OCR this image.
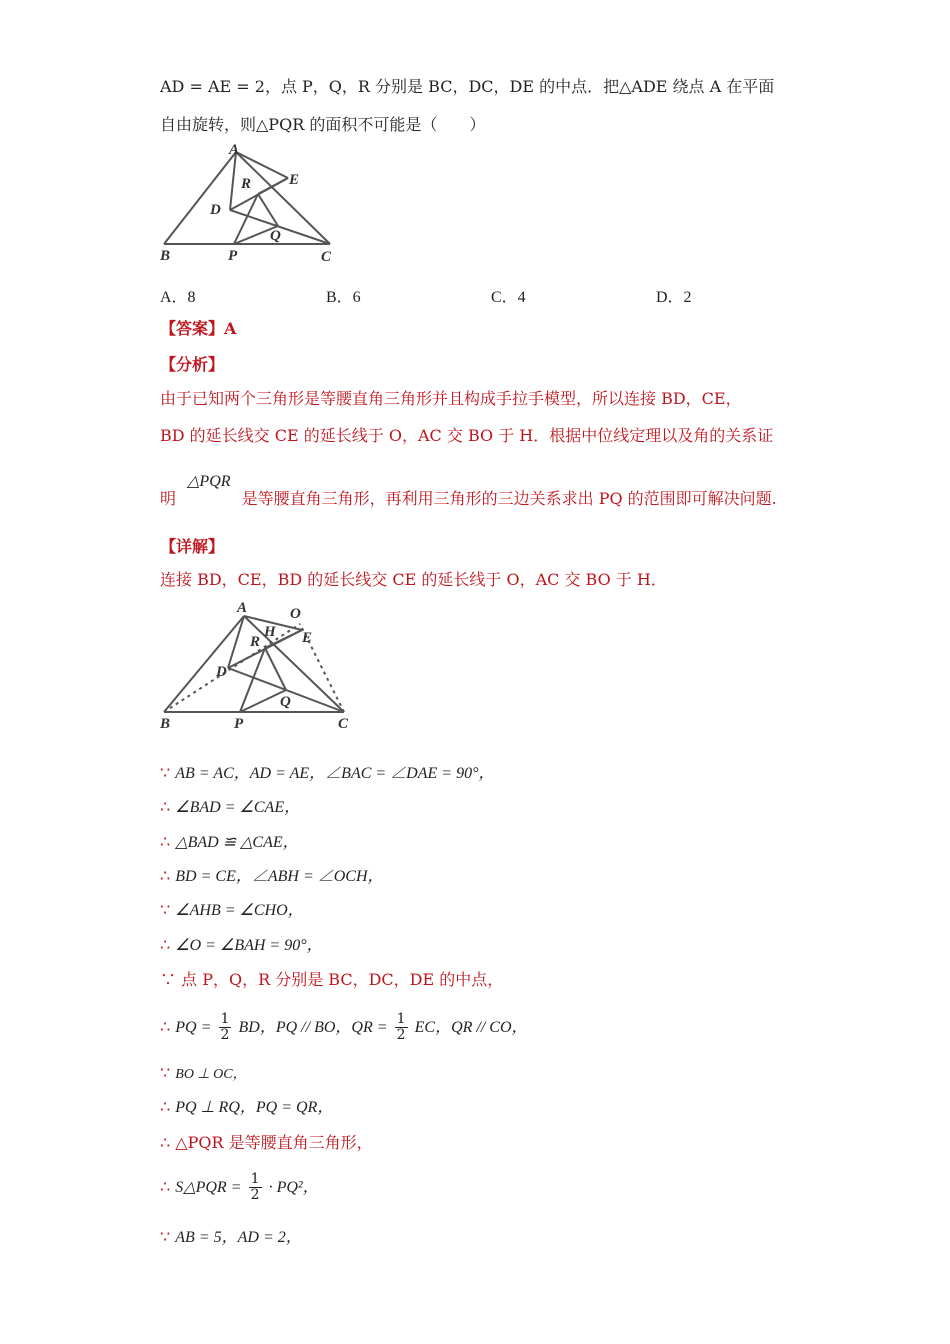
AD = AE = 2，点 P，Q，R 分别是 BC，DC，DE 的中点．把△ADE 绕点 A 在平面
自由旋转，则△PQR 的面积不可能是（　　）
A
E
R
D
Q
B	P	C
A．8	B．6	C．4	D．2
【答案】A
【分析】
由于已知两个三角形是等腰直角三角形并且构成手拉手模型，所以连接 BD，CE，
BD 的延长线交 CE 的延长线于 O，AC 交 BO 于 H．根据中位线定理以及角的关系证
明 △PQR 是等腰直角三角形，再利用三角形的三边关系求出 PQ 的范围即可解决问题.
【详解】
连接 BD，CE，BD 的延长线交 CE 的延长线于 O，AC 交 BO 于 H．
A	O
H E
R
D
Q
B	P	C
∵ AB = AC，AD = AE，∠BAC = ∠DAE = 90°，
∴ ∠BAD = ∠CAE，
∴ △BAD ≌ △CAE，
∴ BD = CE，∠ABH = ∠OCH，
∵ ∠AHB = ∠CHO，
∴ ∠O = ∠BAH = 90°，
∵ 点 P，Q，R 分别是 BC，DC，DE 的中点，
∴ PQ = $\frac{1}{2}$ BD，PQ // BO，QR = $\frac{1}{2}$ EC，QR // CO，
∵ BO ⊥ OC，
∴ PQ ⊥ RQ，PQ = QR，
∴ △PQR 是等腰直角三角形，
∴ S△PQR = $\frac{1}{2} \cdot PQ^2$，
∵ AB = 5，AD = 2，
